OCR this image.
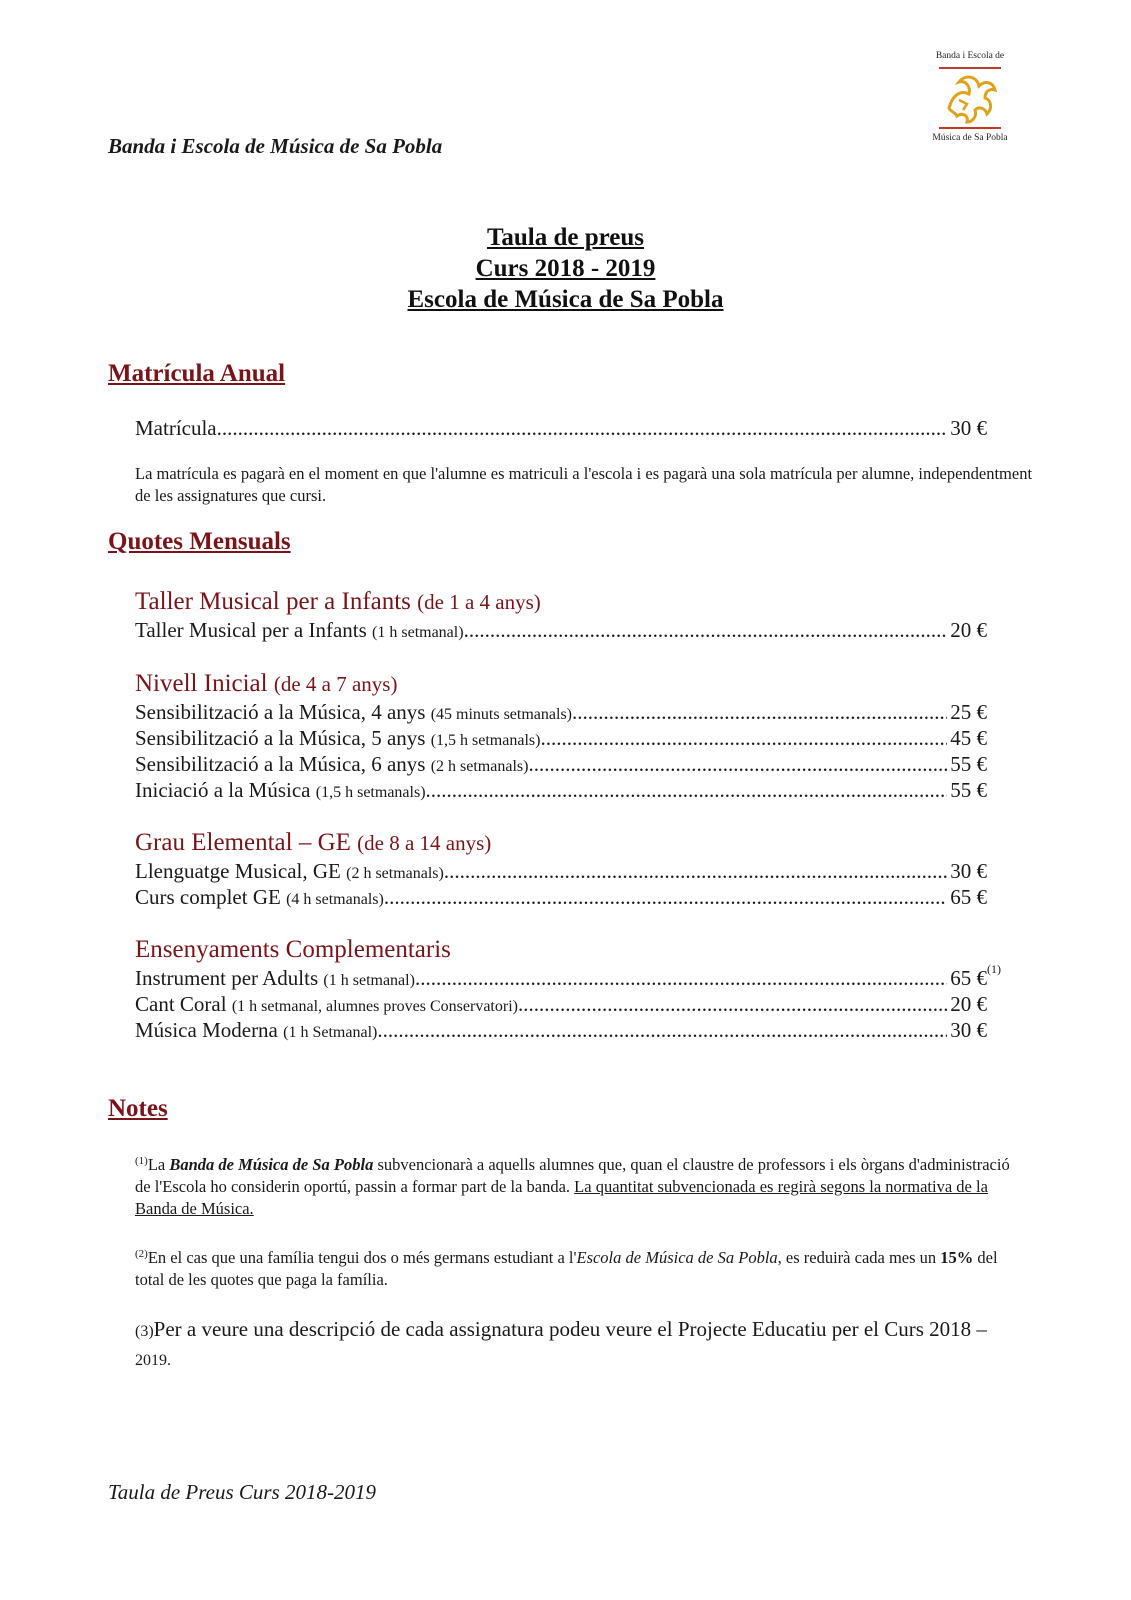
Banda i Escola de Música de Sa Pobla
Banda i Escola de
Música de Sa Pobla
Taula de preus
Curs 2018 - 2019
Escola de Música de Sa Pobla
Matrícula Anual
Matrícula .....	30 €
La matrícula es pagarà en el moment en que l'alumne es matriculi a l'escola i es pagarà una sola matrícula per alumne, independentment de les assignatures que cursi.
Quotes Mensuals
Taller Musical per a Infants (de 1 a 4 anys)
Taller Musical per a Infants (1 h setmanal) .....	20 €
Nivell Inicial (de 4 a 7 anys)
Sensibilització a la Música, 4 anys (45 minuts setmanals) .....	25 €
Sensibilització a la Música, 5 anys (1,5 h setmanals) .....	45 €
Sensibilització a la Música, 6 anys (2 h setmanals) .....	55 €
Iniciació a la Música (1,5 h setmanals) .....	55 €
Grau Elemental – GE (de 8 a 14 anys)
Llenguatge Musical, GE (2 h setmanals) .....	30 €
Curs complet GE (4 h setmanals) .....	65 €
Ensenyaments Complementaris
Instrument per Adults (1 h setmanal) .....	65 € (1)
Cant Coral (1 h setmanal, alumnes proves Conservatori) .....	20 €
Música Moderna (1 h Setmanal) .....	30 €
Notes
$^{(1)}$La Banda de Música de Sa Pobla subvencionarà a aquells alumnes que, quan el claustre de professors i els òrgans d'administració de l'Escola ho considerin oportú, passin a formar part de la banda. La quantitat subvencionada es regirà segons la normativa de la Banda de Música.
$^{(2)}$En el cas que una família tengui dos o més germans estudiant a l'Escola de Música de Sa Pobla, es reduirà cada mes un 15% del total de les quotes que paga la família.
(3)Per a veure una descripció de cada assignatura podeu veure el Projecte Educatiu per el Curs 2018 – 2019.
Taula de Preus Curs 2018-2019
